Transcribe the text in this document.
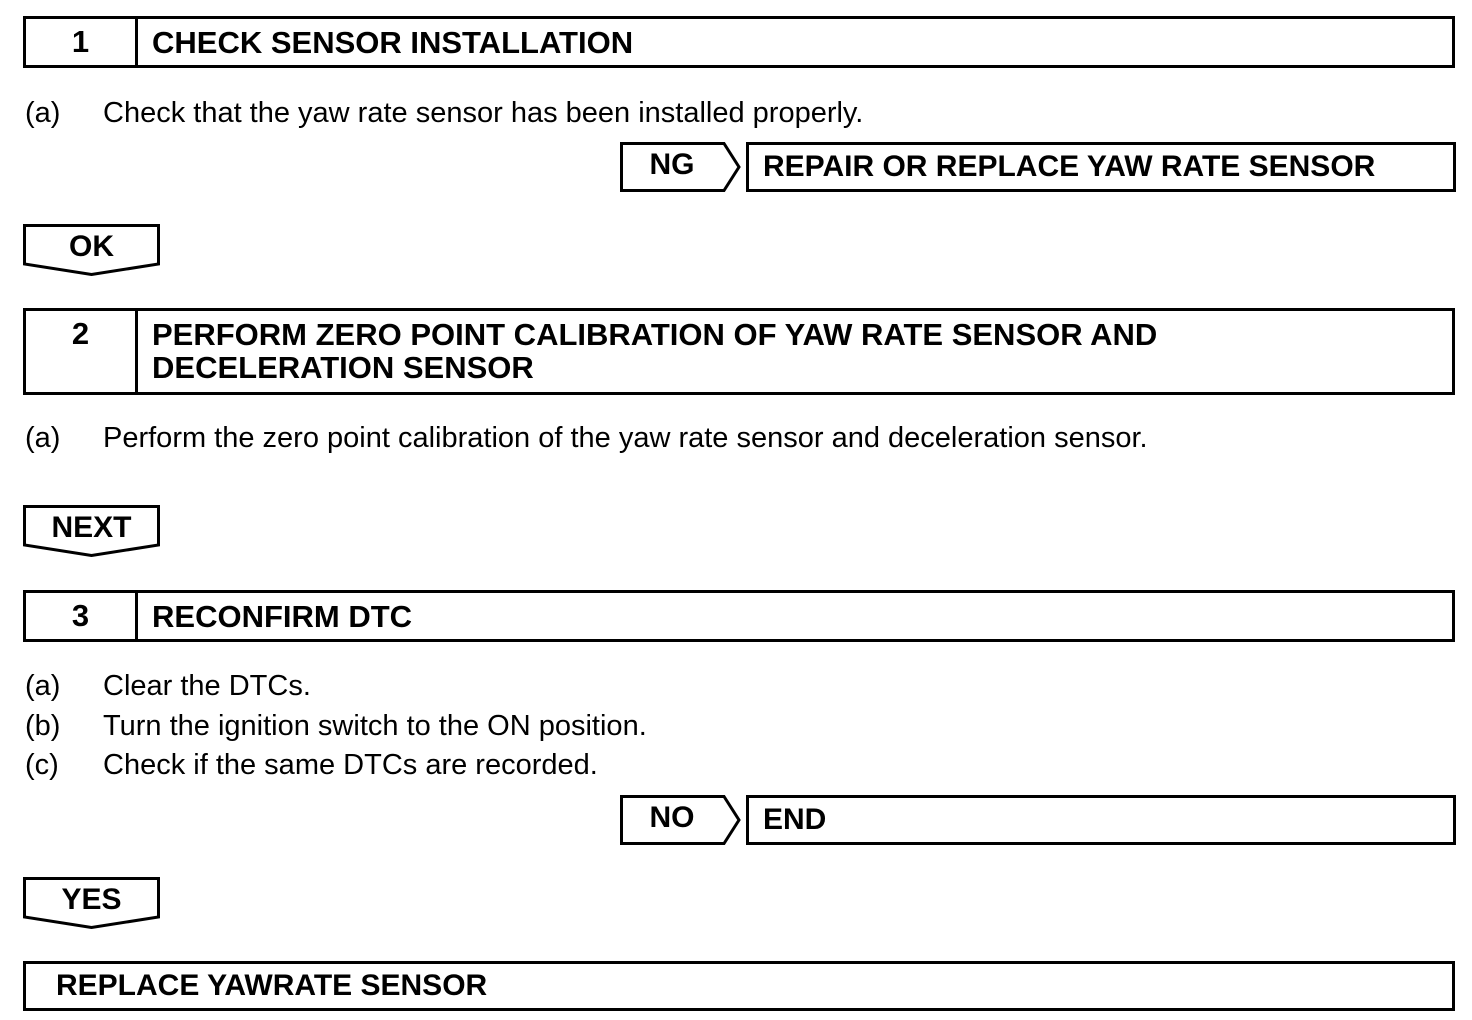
1	CHECK SENSOR INSTALLATION
(a) Check that the yaw rate sensor has been installed properly.
NG	REPAIR OR REPLACE YAW RATE SENSOR
OK
2	PERFORM ZERO POINT CALIBRATION OF YAW RATE SENSOR AND
DECELERATION SENSOR
(a) Perform the zero point calibration of the yaw rate sensor and deceleration sensor.
NEXT
3	RECONFIRM DTC
(a) Clear the DTCs.
(b) Turn the ignition switch to the ON position.
(c) Check if the same DTCs are recorded.
NO	END
YES
REPLACE YAWRATE SENSOR
